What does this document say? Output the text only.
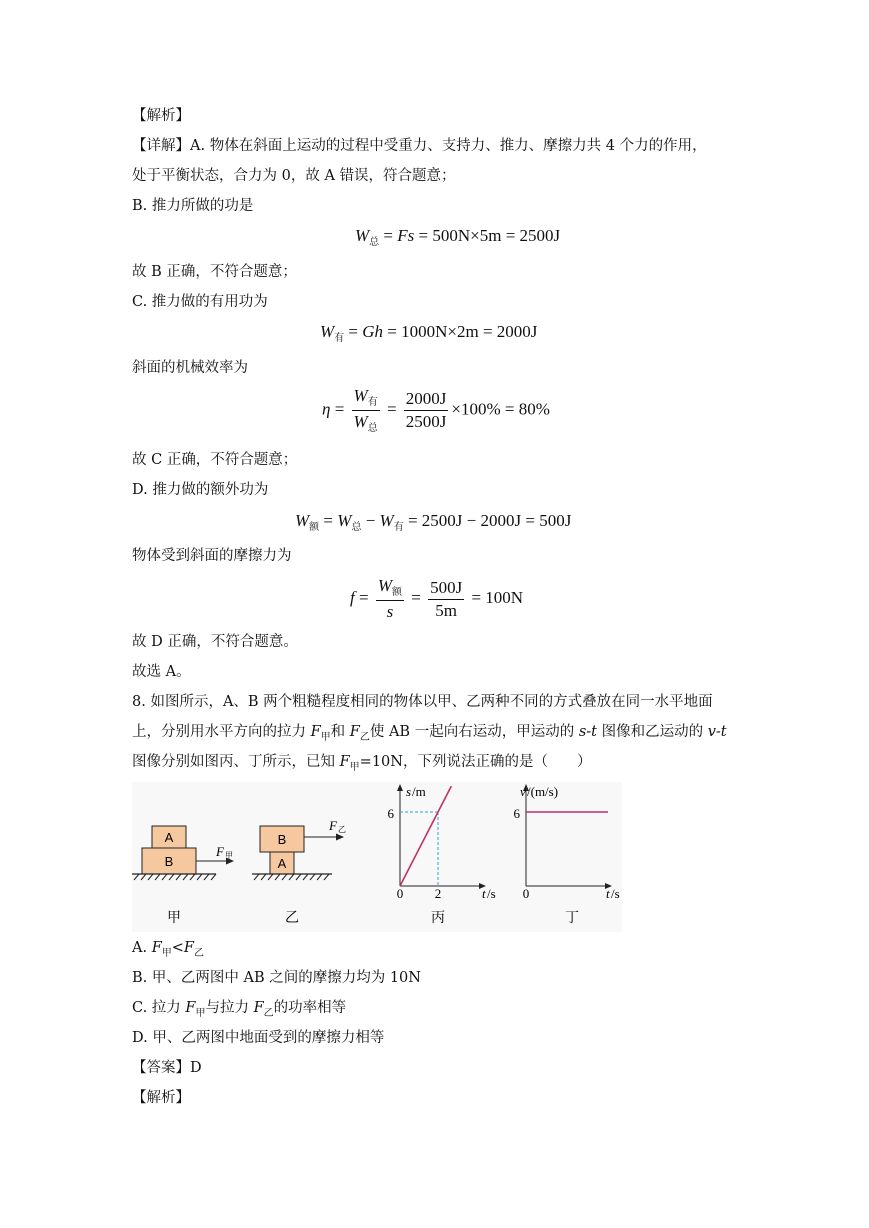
【解析】
【详解】A. 物体在斜面上运动的过程中受重力、支持力、推力、摩擦力共 4 个力的作用，
处于平衡状态，合力为 0，故 A 错误，符合题意；
B. 推力所做的功是
$W_总 = Fs = 500N\times 5m = 2500J$
故 B 正确，不符合题意；
C. 推力做的有用功为
$W_有 = Gh = 1000N\times 2m = 2000J$
斜面的机械效率为
$\eta = \frac{W_有}{W_总} = \frac{2000J}{2500J} \times 100\% = 80\%$
故 C 正确，不符合题意；
D. 推力做的额外功为
$W_额 = W_总 - W_有 = 2500J - 2000J = 500J$
物体受到斜面的摩擦力为
$f = \frac{W_额}{s} = \frac{500J}{5m} = 100N$
故 D 正确，不符合题意。
故选 A。
8. 如图所示，A、B 两个粗糙程度相同的物体以甲、乙两种不同的方式叠放在同一水平地面
上，分别用水平方向的拉力 $F_甲$和 $F_乙$使 AB 一起向右运动，甲运动的 s-t 图像和乙运动的 v-t
图像分别如图丙、丁所示，已知 $F_甲=10N$，下列说法正确的是（　　）
A
B
F 甲
甲
B
A
F 乙
乙
s /m
t /s
6
2
0
v /(m/s)
t /s
6
0
丙	丁
A. $F_甲<F_乙$
B. 甲、乙两图中 AB 之间的摩擦力均为 10N
C. 拉力 $F_甲$与拉力 $F_乙$的功率相等
D. 甲、乙两图中地面受到的摩擦力相等
【答案】D
【解析】
